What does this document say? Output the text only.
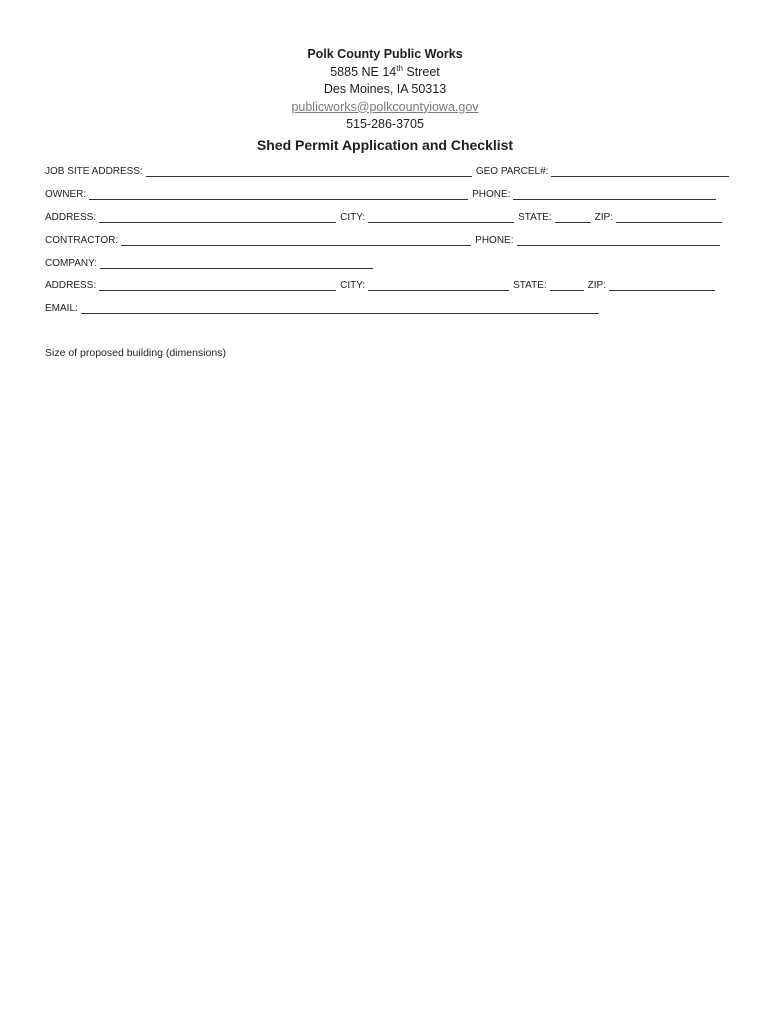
Polk County Public Works
5885 NE 14th Street
Des Moines, IA 50313
publicworks@polkcountyiowa.gov
515-286-3705
Shed Permit Application and Checklist
JOB SITE ADDRESS:	GEO PARCEL#:
OWNER:	PHONE:
ADDRESS:	CITY:	STATE:	ZIP:
CONTRACTOR:	PHONE:
COMPANY:
ADDRESS:	CITY:	STATE:	ZIP:
EMAIL:
Size of proposed building (dimensions)
